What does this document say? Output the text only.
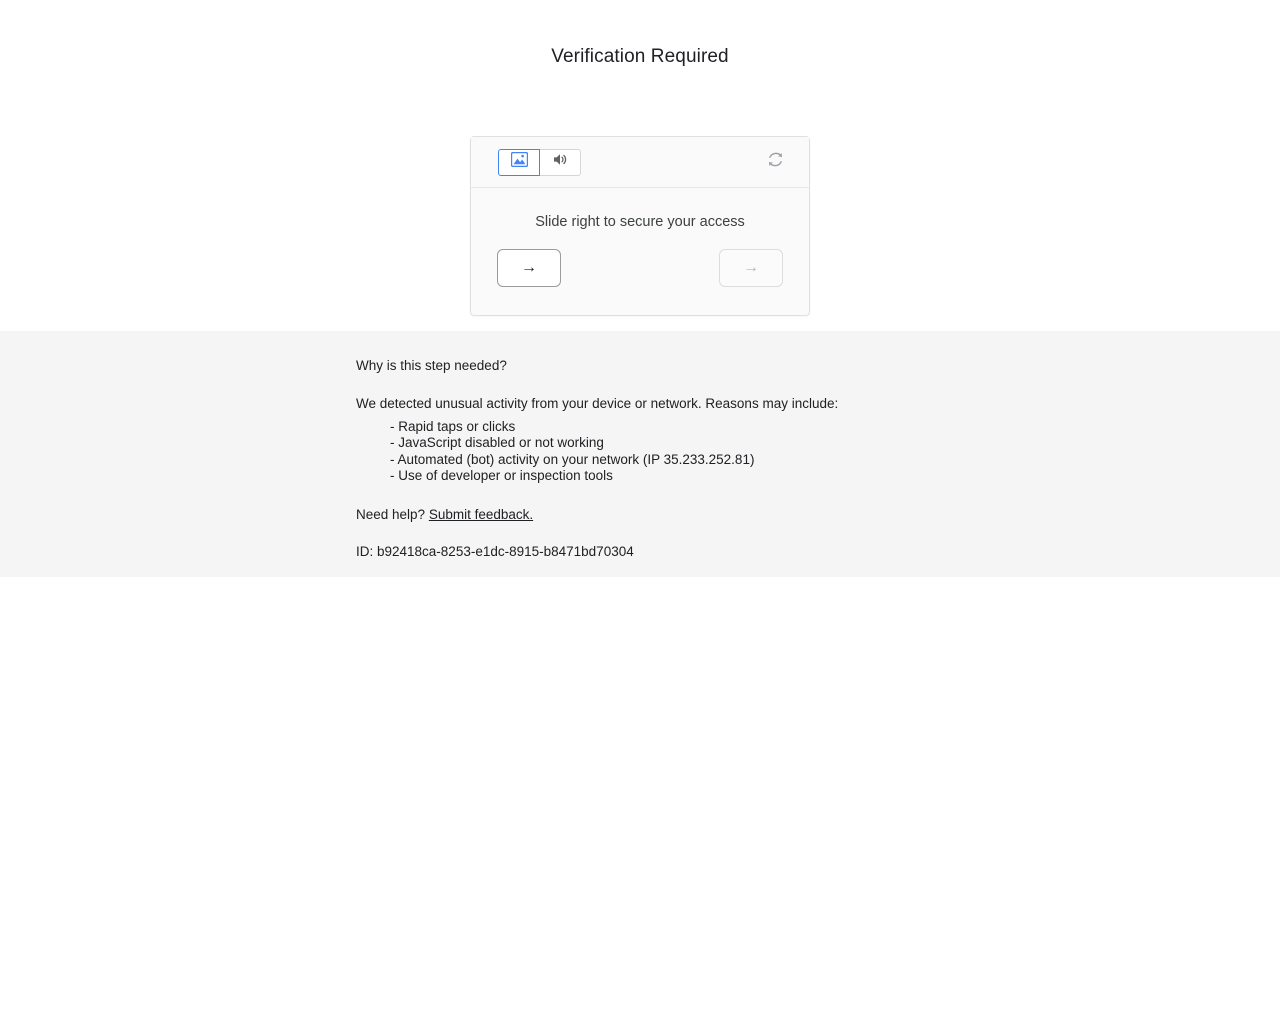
Verification Required
Slide right to secure your access
→	→

Why is this step needed?

We detected unusual activity from your device or network. Reasons may include:

- Rapid taps or clicks
- JavaScript disabled or not working
- Automated (bot) activity on your network (IP 35.233.252.81)
- Use of developer or inspection tools

Need help? Submit feedback.

ID: b92418ca-8253-e1dc-8915-b8471bd70304
